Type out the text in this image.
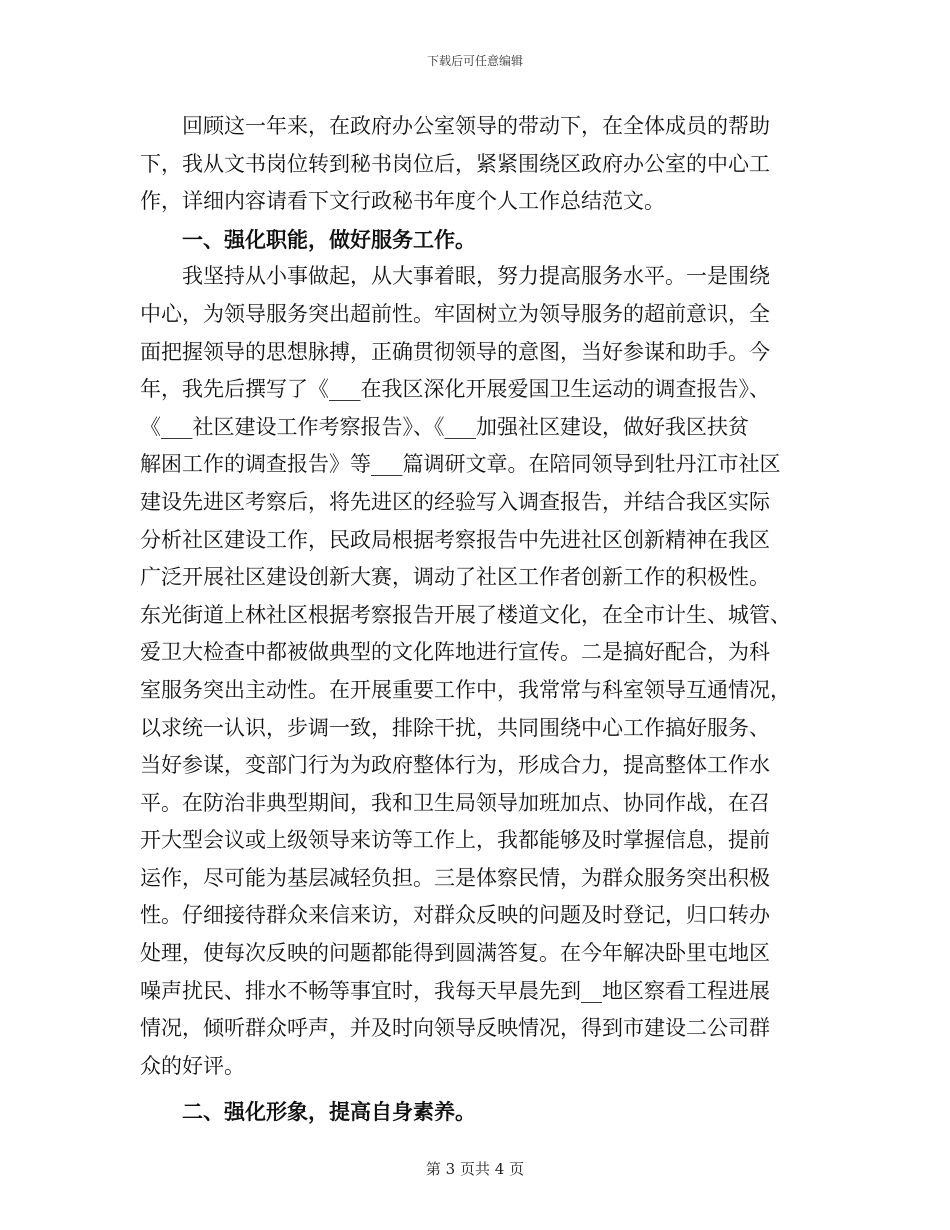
下载后可任意编辑

回顾这一年来，在政府办公室领导的带动下，在全体成员的帮助
下，我从文书岗位转到秘书岗位后，紧紧围绕区政府办公室的中心工
作，详细内容请看下文行政秘书年度个人工作总结范文。

一、强化职能，做好服务工作。

我坚持从小事做起，从大事着眼，努力提高服务水平。一是围绕
中心，为领导服务突出超前性。牢固树立为领导服务的超前意识，全
面把握领导的思想脉搏，正确贯彻领导的意图，当好参谋和助手。今
年，我先后撰写了《___在我区深化开展爱国卫生运动的调查报告》、
《___社区建设工作考察报告》、《___加强社区建设，做好我区扶贫
解困工作的调查报告》等___篇调研文章。在陪同领导到牡丹江市社区
建设先进区考察后，将先进区的经验写入调查报告，并结合我区实际
分析社区建设工作，民政局根据考察报告中先进社区创新精神在我区
广泛开展社区建设创新大赛，调动了社区工作者创新工作的积极性。
东光街道上林社区根据考察报告开展了楼道文化，在全市计生、城管、
爱卫大检查中都被做典型的文化阵地进行宣传。二是搞好配合，为科
室服务突出主动性。在开展重要工作中，我常常与科室领导互通情况，
以求统一认识，步调一致，排除干扰，共同围绕中心工作搞好服务、
当好参谋，变部门行为为政府整体行为，形成合力，提高整体工作水
平。在防治非典型期间，我和卫生局领导加班加点、协同作战，在召
开大型会议或上级领导来访等工作上，我都能够及时掌握信息，提前
运作，尽可能为基层减轻负担。三是体察民情，为群众服务突出积极
性。仔细接待群众来信来访，对群众反映的问题及时登记，归口转办
处理，使每次反映的问题都能得到圆满答复。在今年解决卧里屯地区
噪声扰民、排水不畅等事宜时，我每天早晨先到__地区察看工程进展
情况，倾听群众呼声，并及时向领导反映情况，得到市建设二公司群
众的好评。

二、强化形象，提高自身素养。

第 3 页共 4 页
